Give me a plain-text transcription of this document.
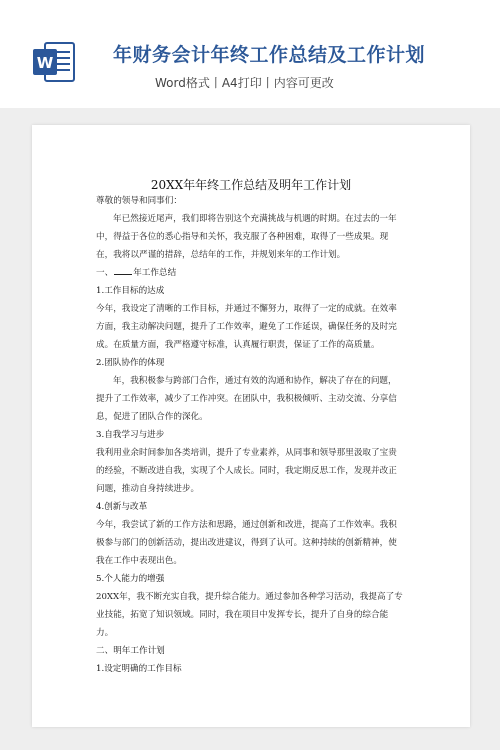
W	年财务会计年终工作总结及工作计划
Word格式丨A4打印丨内容可更改
20XX年年终工作总结及明年工作计划
尊敬的领导和同事们：
年已然接近尾声，我们即将告别这个充满挑战与机遇的时期。在过去的一年
中，得益于各位的悉心指导和关怀，我克服了各种困难，取得了一些成果。现
在，我将以严谨的措辞，总结年的工作，并规划来年的工作计划。
一、 年工作总结
1.工作目标的达成
今年，我设定了清晰的工作目标，并通过不懈努力，取得了一定的成就。在效率
方面，我主动解决问题，提升了工作效率，避免了工作延误，确保任务的及时完
成。在质量方面，我严格遵守标准，认真履行职责，保证了工作的高质量。
2.团队协作的体现
年，我积极参与跨部门合作，通过有效的沟通和协作，解决了存在的问题，
提升了工作效率，减少了工作冲突。在团队中，我积极倾听、主动交流、分享信
息，促进了团队合作的深化。
3.自我学习与进步
我利用业余时间参加各类培训，提升了专业素养，从同事和领导那里汲取了宝贵
的经验，不断改进自我，实现了个人成长。同时，我定期反思工作，发现并改正
问题，推动自身持续进步。
4.创新与改革
今年，我尝试了新的工作方法和思路，通过创新和改进，提高了工作效率。我积
极参与部门的创新活动，提出改进建议，得到了认可。这种持续的创新精神，使
我在工作中表现出色。
5.个人能力的增强
20XX年，我不断充实自我，提升综合能力。通过参加各种学习活动，我提高了专
业技能，拓宽了知识领域。同时，我在项目中发挥专长，提升了自身的综合能
力。
二、明年工作计划
1.设定明确的工作目标
